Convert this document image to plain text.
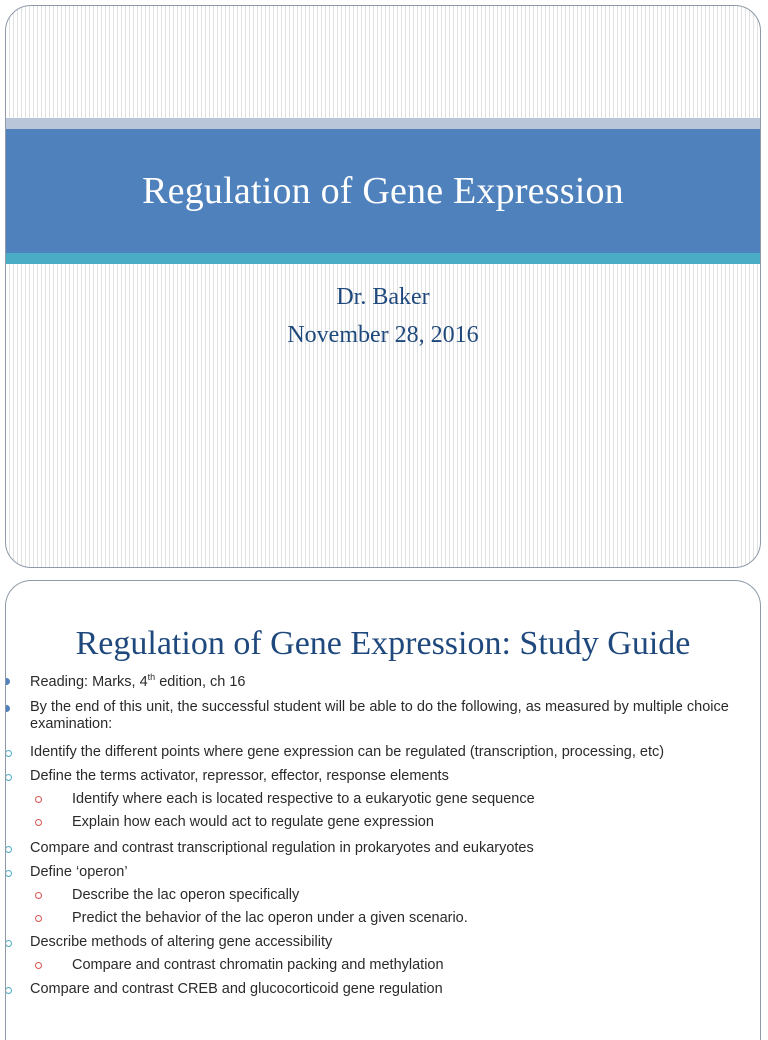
Regulation of Gene Expression
Dr. Baker
November 28, 2016
Regulation of Gene Expression: Study Guide
Reading: Marks, 4th edition, ch 16
By the end of this unit, the successful student will be able to do the following, as measured by multiple choice examination:
Identify the different points where gene expression can be regulated (transcription, processing, etc)
Define the terms activator, repressor, effector, response elements
Identify where each is located respective to a eukaryotic gene sequence
Explain how each would act to regulate gene expression
Compare and contrast transcriptional regulation in prokaryotes and eukaryotes
Define ‘operon’
Describe the lac operon specifically
Predict the behavior of the lac operon under a given scenario.
Describe methods of altering gene accessibility
Compare and contrast chromatin packing and methylation
Compare and contrast CREB and glucocorticoid gene regulation
